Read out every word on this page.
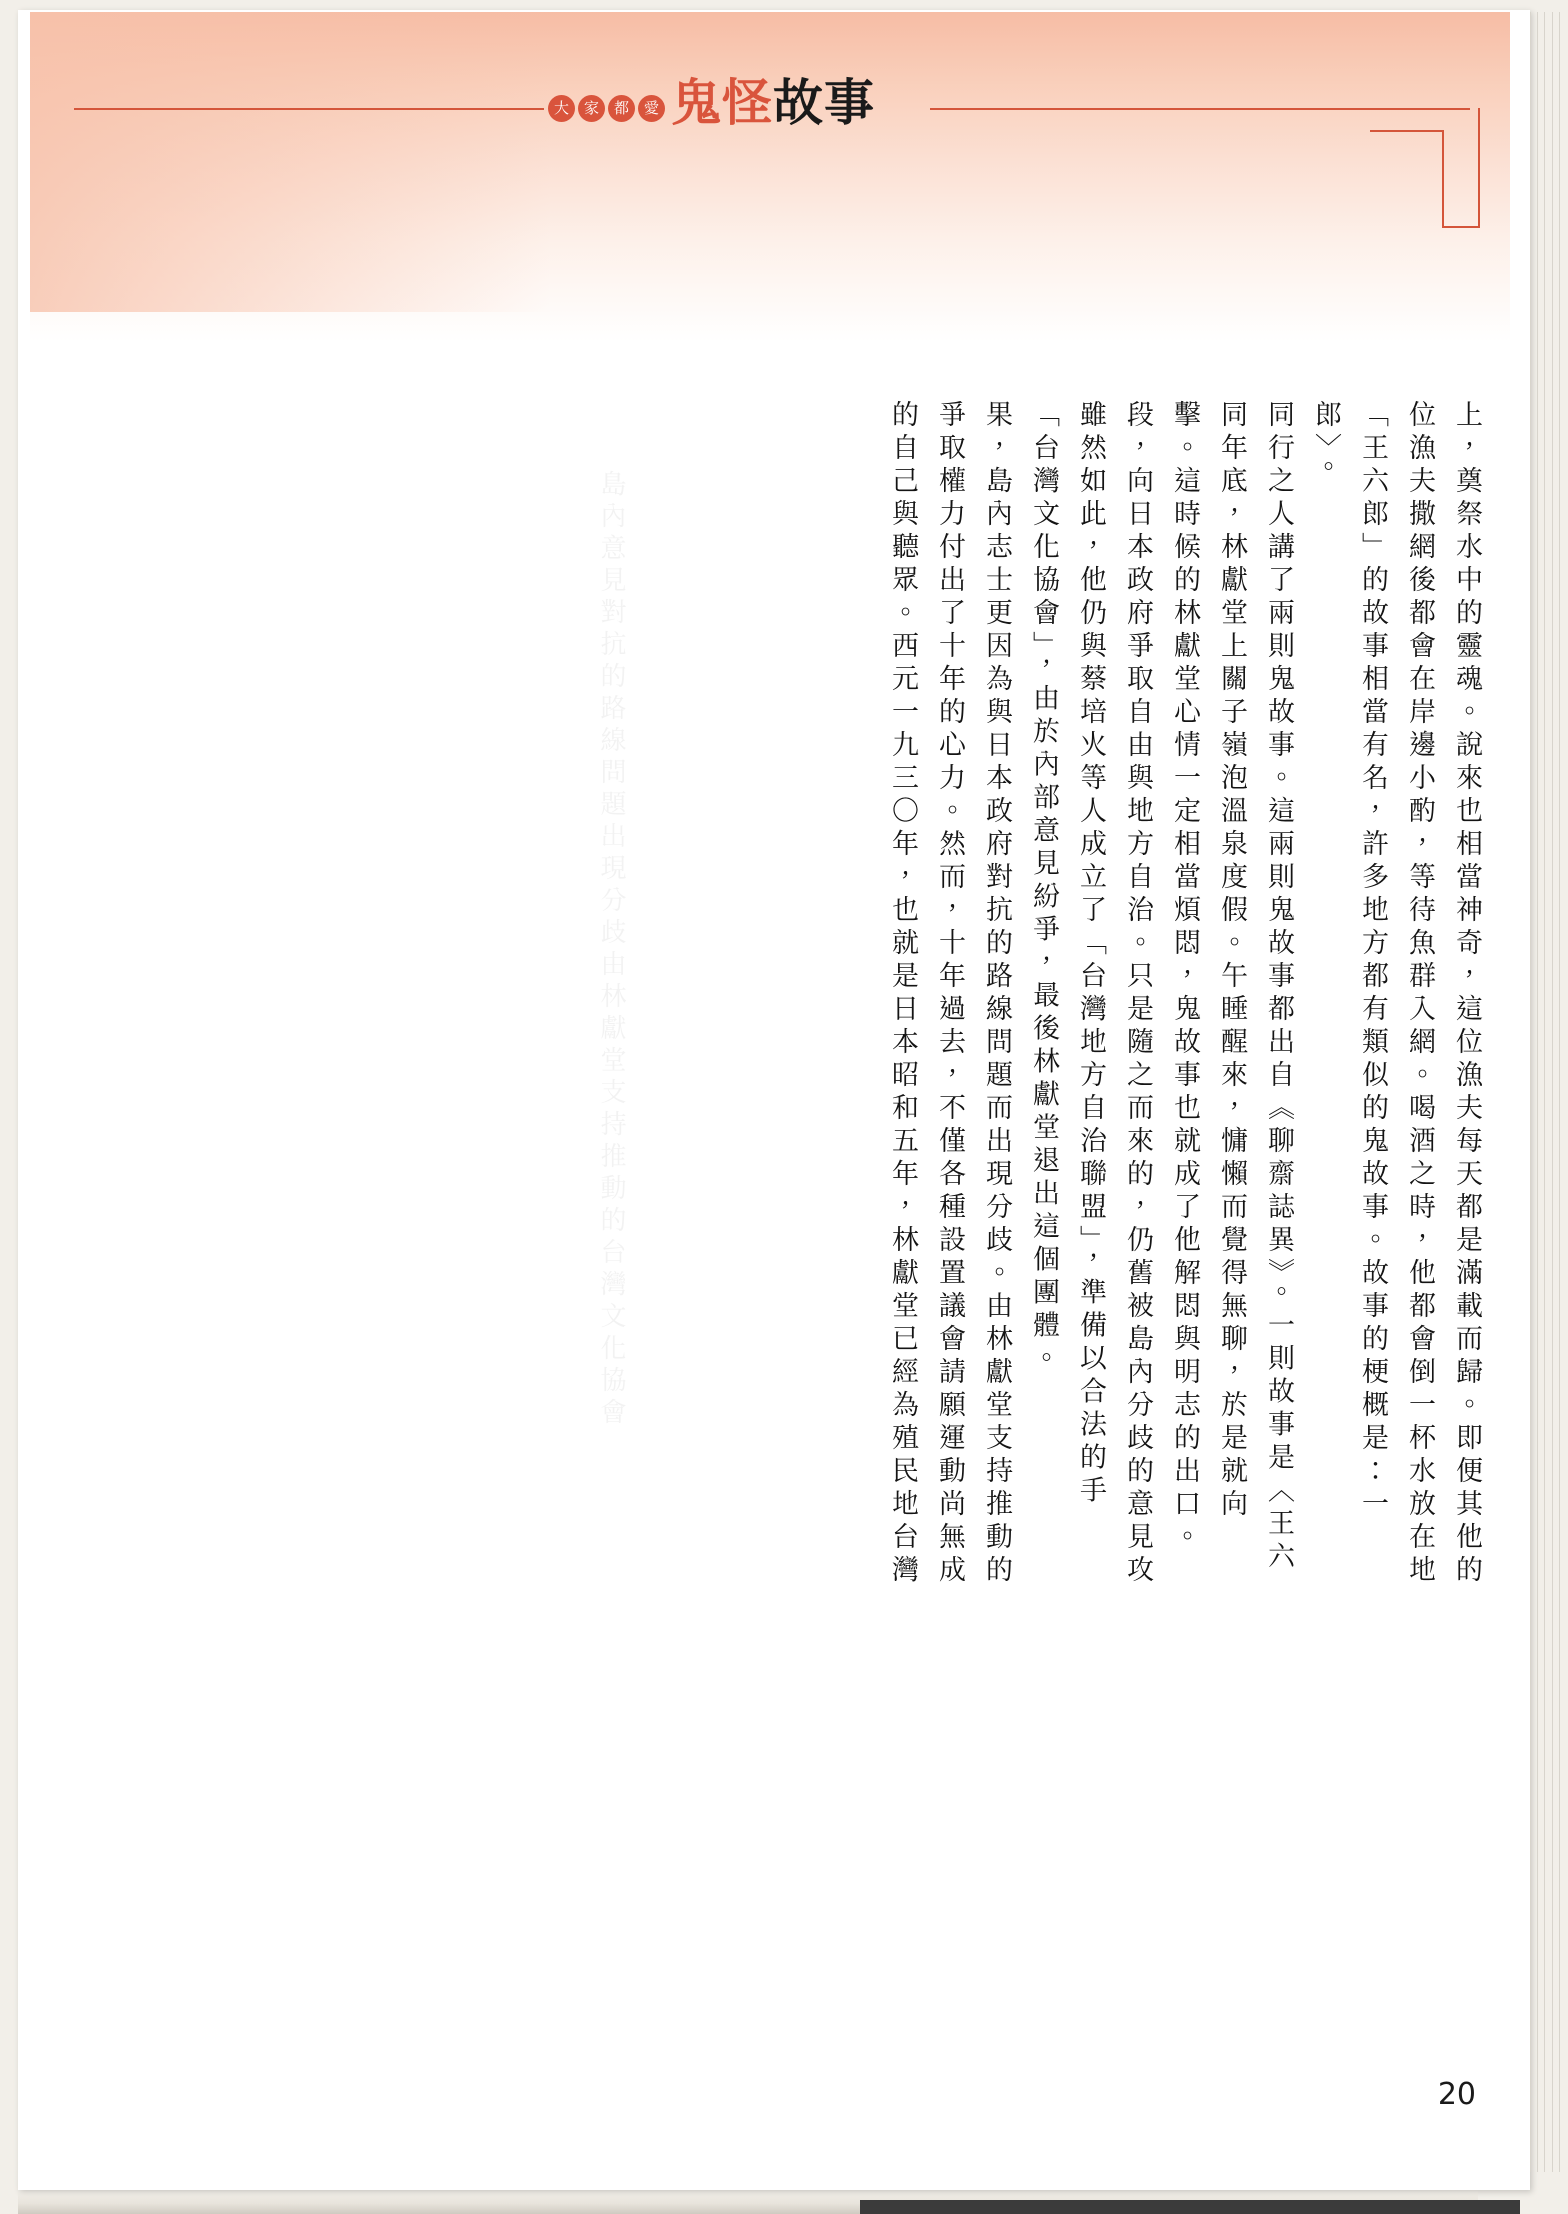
大 家 都 愛 鬼怪故事
的自己與聽眾。西元一九三〇年，也就是日本昭和五年，林獻堂已經為殖民地台灣 爭取權力付出了十年的心力。然而，十年過去，不僅各種設置議會請願運動尚無成 果，島內志士更因為與日本政府對抗的路線問題而出現分歧。由林獻堂支持推動的 「台灣文化協會」，由於內部意見紛爭，最後林獻堂退出這個團體。 雖然如此，他仍與蔡培火等人成立了「台灣地方自治聯盟」，準備以合法的手 段，向日本政府爭取自由與地方自治。只是隨之而來的，仍舊被島內分歧的意見攻 擊。這時候的林獻堂心情一定相當煩悶，鬼故事也就成了他解悶與明志的出口。 同年底，林獻堂上關子嶺泡溫泉度假。午睡醒來，慵懶而覺得無聊，於是就向 同行之人講了兩則鬼故事。這兩則鬼故事都出自《聊齋誌異》。一則故事是〈王六 郎〉。 「王六郎」的故事相當有名，許多地方都有類似的鬼故事。故事的梗概是：一 位漁夫撒網後都會在岸邊小酌，等待魚群入網。喝酒之時，他都會倒一杯水放在地 上，奠祭水中的靈魂。說來也相當神奇，這位漁夫每天都是滿載而歸。即便其他的
20
